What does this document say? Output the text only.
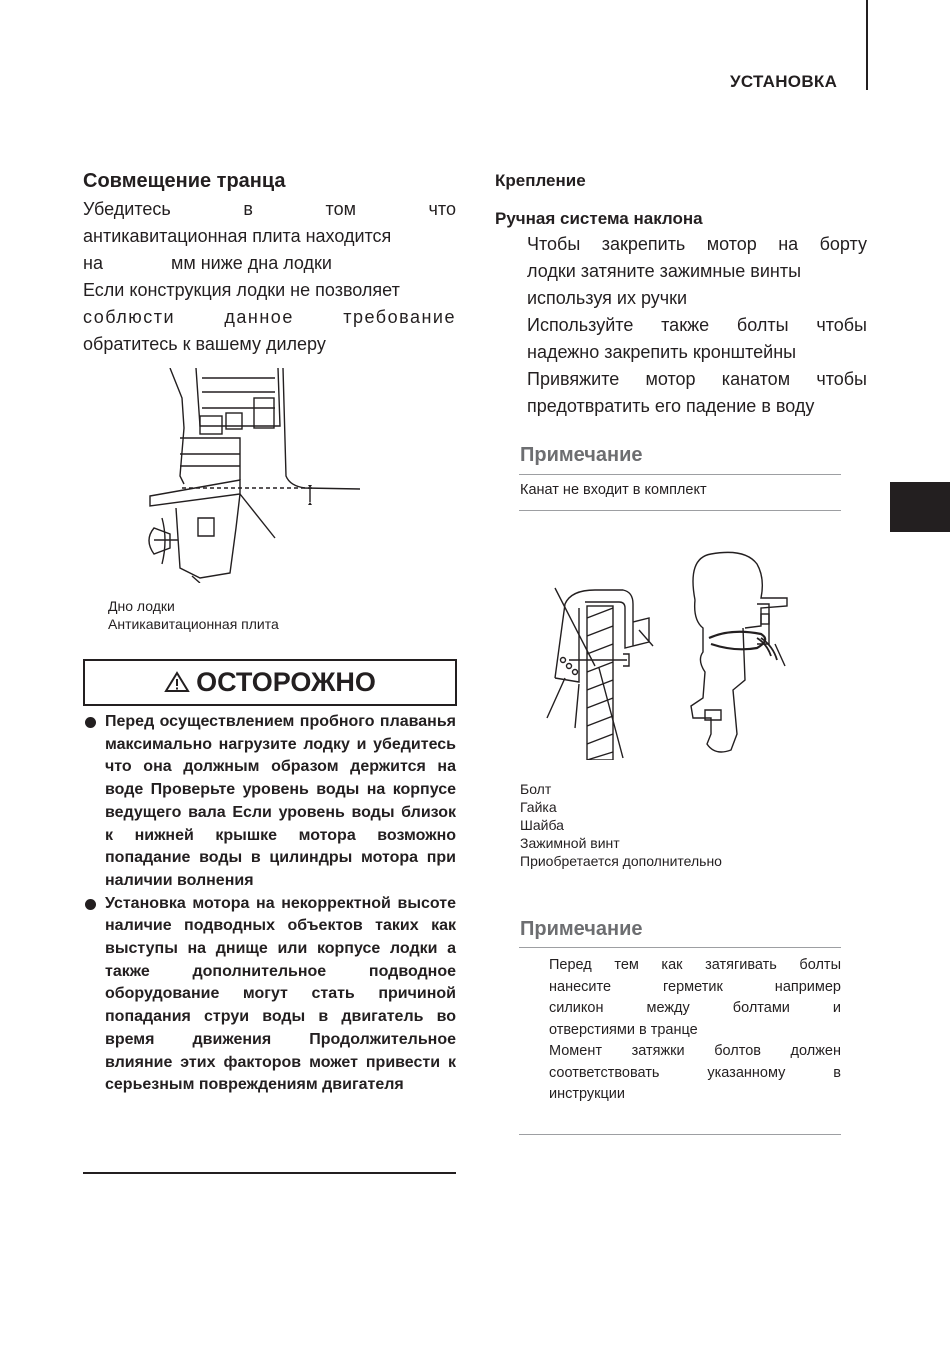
УСТАНОВКА
Совмещение транца
Убедитесь в том что
антикавитационная плита находится
на	мм ниже дна лодки
Если конструкция лодки не позволяет
соблюсти данное требование
обратитесь к вашему дилеру
Дно лодки
Антикавитационная плита
ОСТОРОЖНО
Перед осуществлением пробного плаванья максимально нагрузите лодку и убедитесь что она должным образом держится на воде Проверьте уровень воды на корпусе ведущего вала Если уровень воды близок к нижней крышке мотора возможно попадание воды в цилиндры мотора при наличии волнения
Установка мотора на некорректной высоте наличие подводных объектов таких как выступы на днище или корпусе лодки а также дополнительное подводное оборудование могут стать причиной попадания струи воды в двигатель во время движения Продолжительное влияние этих факторов может привести к серьезным повреждениям двигателя
Крепление
Ручная система наклона
Чтобы закрепить мотор на борту
лодки затяните зажимные винты
используя их ручки
Используйте также болты чтобы
надежно закрепить кронштейны
Привяжите мотор канатом чтобы
предотвратить его падение в воду
Примечание
Канат не входит в комплект
Болт
Гайка
Шайба
Зажимной винт
Приобретается дополнительно
Примечание
Перед тем как затягивать болты
нанесите герметик например
силикон между болтами и
отверстиями в транце
Момент затяжки болтов должен
соответствовать указанному в
инструкции
